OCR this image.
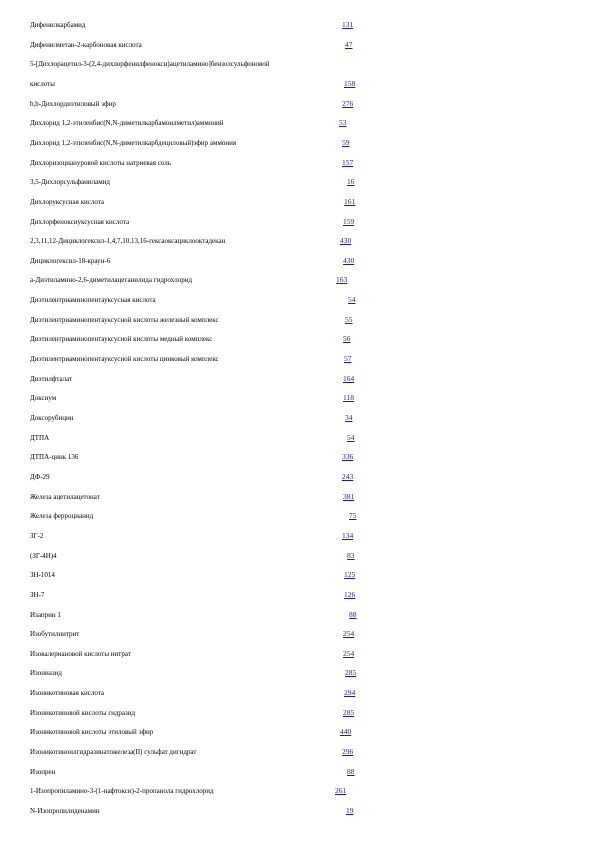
Дифенилкарбамид	131
Дифенилметан-2-карбоновая кислота	47
5-[Дихлорацетил-3-(2,4-дихлорфенилфенокси)ацетиламино]бензолсульфоновой
кислоты	158
b,b-Дихлордиэтиловый эфир	276
Дихлорид 1,2-этиленбис(N,N-диметилкарбамоилметил)аммоний	53
Дихлорид 1,2-этиленбис(N,N-диметилкарбдециловый)эфир аммония	59
Дихлоризоциануровой кислоты натриевая соль	157
3,5-Дихлорсульфаниламид	16
Дихлоруксусная кислота	161
Дихлорфеноксиуксусная кислота	159
2,3,11,12-Дициклогексил-1,4,7,10,13,16-гексаоксациклооктадекан	430
Дициклогексил-18-краун-6	430
a-Диэтиламино-2,6-диметилацетанилида гидрохлорид	163
Диэтилентриаминопентауксусная кислота	54
Диэтилентриаминопентауксусной кислоты железный комплекс	55
Диэтилентриаминопентауксусной кислоты медный комплекс	56
Диэтилентриаминопентауксусной кислоты цинковый комплекс	57
Диэтилфталат	164
Доксиум	118
Доксорубицин	34
ДТПА	54
ДТПА-цинк 136	336
ДФ-29	243
Железа ацетилацетонат	381
Железа ферроцианид	75
ЗГ-2	134
(ЗГ-4Н)4	83
ЗН-1014	125
ЗН-7	126
Изаприн 1	88
Изобутилнитрит	254
Изовалериановой кислоты нитрат	254
Изониазид	285
Изоникотиновая кислота	294
Изоникотиновой кислоты гидразид	285
Изоникотиновой кислоты этиловый эфир	440
Изоникотиноилгидразинатожелеза(II) сульфат дигидрат	296
Изопрен	88
1-Изопропиламино-3-(1-нафтокси)-2-пропанола гидрохлорид	261
N-Изопропилиденамин	19
